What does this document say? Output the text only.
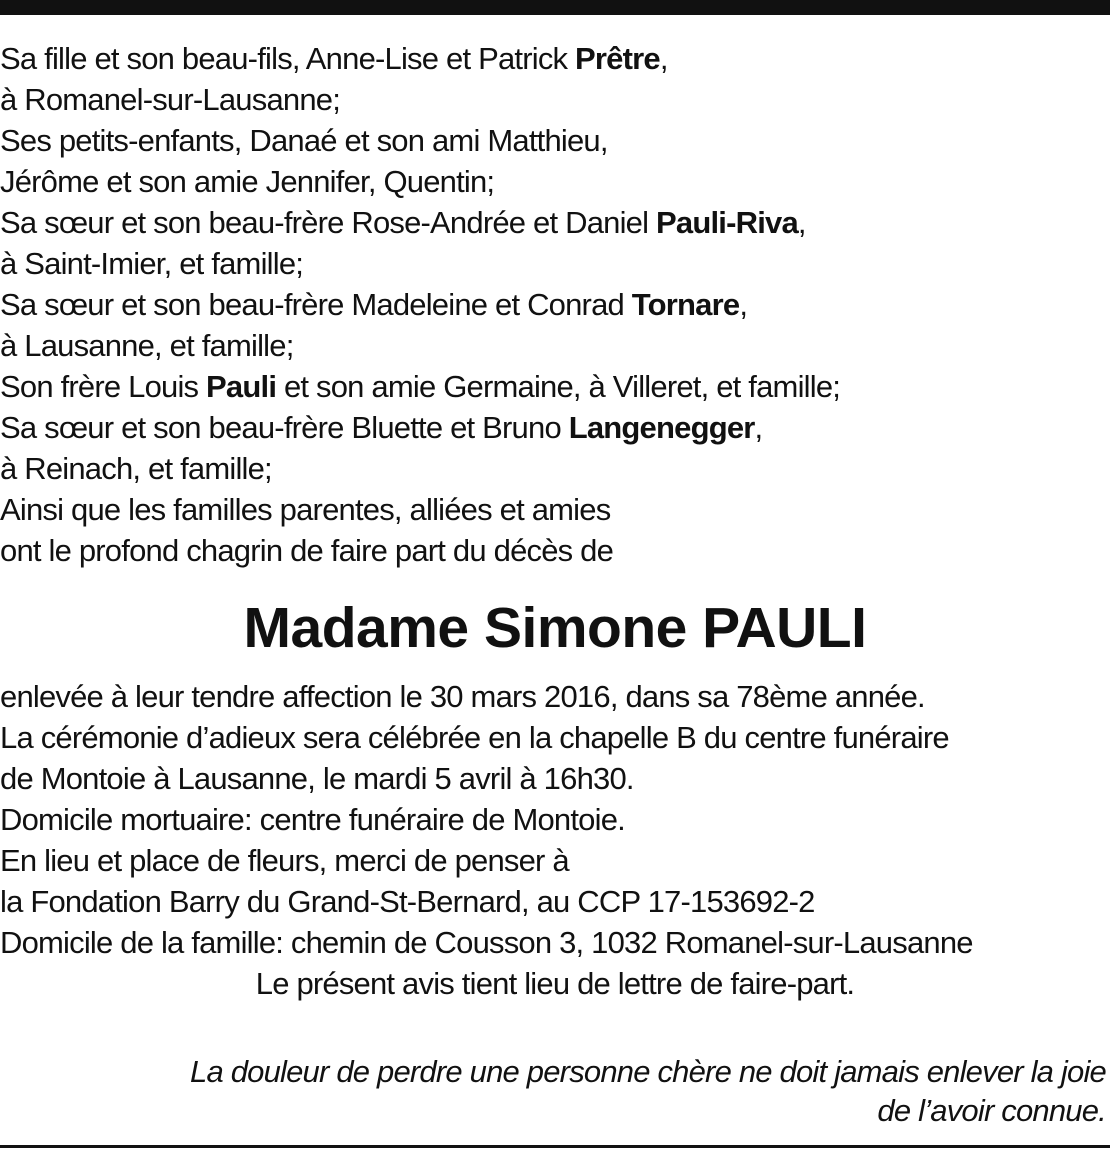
Sa fille et son beau-fils, Anne-Lise et Patrick Prêtre,
à Romanel-sur-Lausanne;
Ses petits-enfants, Danaé et son ami Matthieu,
Jérôme et son amie Jennifer, Quentin;
Sa sœur et son beau-frère Rose-Andrée et Daniel Pauli-Riva,
à Saint-Imier, et famille;
Sa sœur et son beau-frère Madeleine et Conrad Tornare,
à Lausanne, et famille;
Son frère Louis Pauli et son amie Germaine, à Villeret, et famille;
Sa sœur et son beau-frère Bluette et Bruno Langenegger,
à Reinach, et famille;
Ainsi que les familles parentes, alliées et amies
ont le profond chagrin de faire part du décès de
Madame Simone PAULI
enlevée à leur tendre affection le 30 mars 2016, dans sa 78ème année.
La cérémonie d’adieux sera célébrée en la chapelle B du centre funéraire
de Montoie à Lausanne, le mardi 5 avril à 16h30.
Domicile mortuaire: centre funéraire de Montoie.
En lieu et place de fleurs, merci de penser à
la Fondation Barry du Grand-St-Bernard, au CCP 17-153692-2
Domicile de la famille: chemin de Cousson 3, 1032 Romanel-sur-Lausanne
Le présent avis tient lieu de lettre de faire-part.
La douleur de perdre une personne chère ne doit jamais enlever la joie
de l’avoir connue.
